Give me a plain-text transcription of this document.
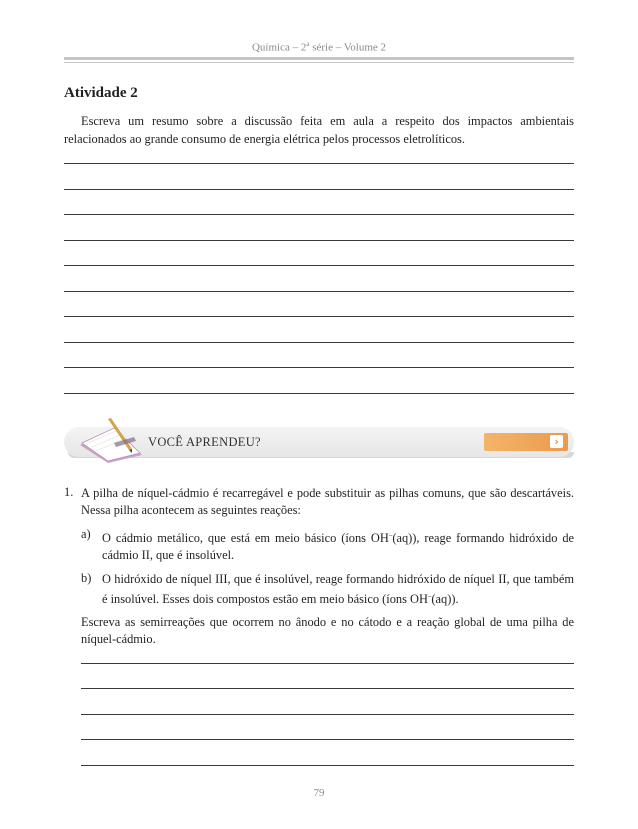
Química – 2$^a$ série – Volume 2
Atividade 2

Escreva um resumo sobre a discussão feita em aula a respeito dos impactos ambientais relacionados ao grande consumo de energia elétrica pelos processos eletrolíticos.

VOCÊ APRENDEU?	›
1. A pilha de níquel-cádmio é recarregável e pode substituir as pilhas comuns, que são descartáveis. Nessa pilha acontecem as seguintes reações:

a) O cádmio metálico, que está em meio básico (íons OH–(aq)), reage formando hidróxido de cádmio II, que é insolúvel.

b) O hidróxido de níquel III, que é insolúvel, reage formando hidróxido de níquel II, que também é insolúvel. Esses dois compostos estão em meio básico (íons OH–(aq)).

Escreva as semirreações que ocorrem no ânodo e no cátodo e a reação global de uma pilha de níquel-cádmio.

79
